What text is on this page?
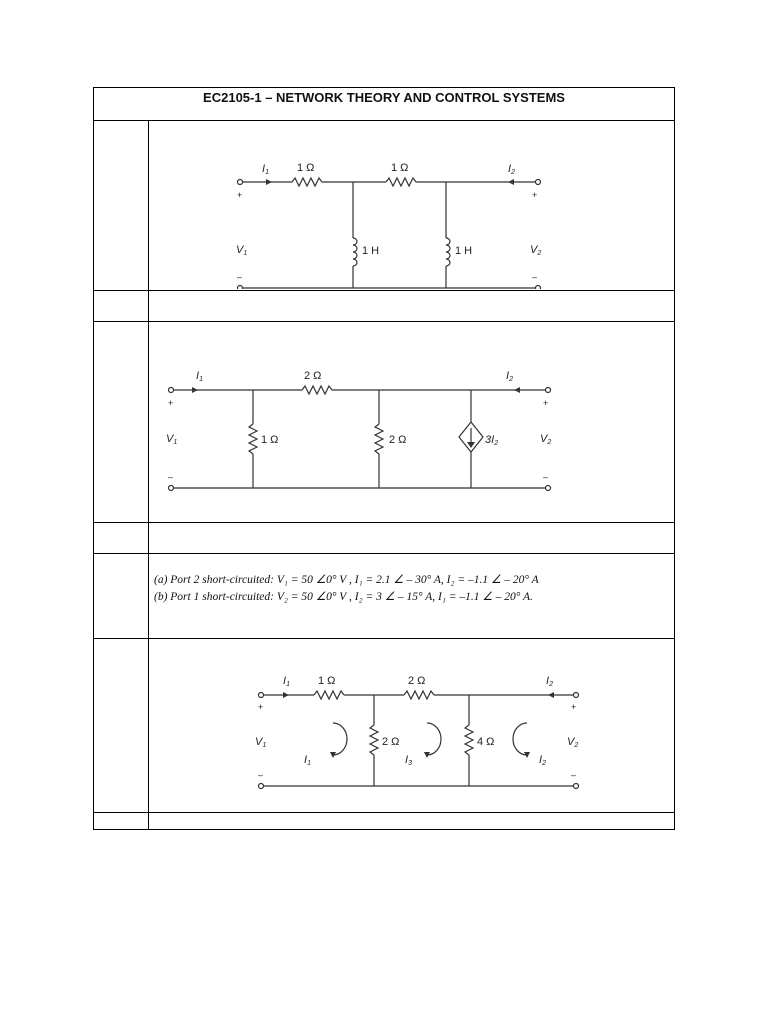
EC2105-1 – NETWORK THEORY AND CONTROL SYSTEMS
I1	I2
1 Ω	1 Ω
1 H	1 H
V1	V2
+	+
–	–
I1	I2
2 Ω
1 Ω	2 Ω	3I2
V1	V2
+	+
–	–
(a) Port 2 short-circuited: V₁ = 50 ∠0° V , I₁ = 2.1 ∠ – 30° A, I₂ = –1.1 ∠ – 20° A
(b) Port 1 short-circuited: V₂ = 50 ∠0° V , I₂ = 3 ∠ – 15° A, I₁ = –1.1 ∠ – 20° A.
I1	I2
1 Ω	2 Ω
2 Ω	4 Ω
I1	I3	I2
V1	V2
+	+
–	–
